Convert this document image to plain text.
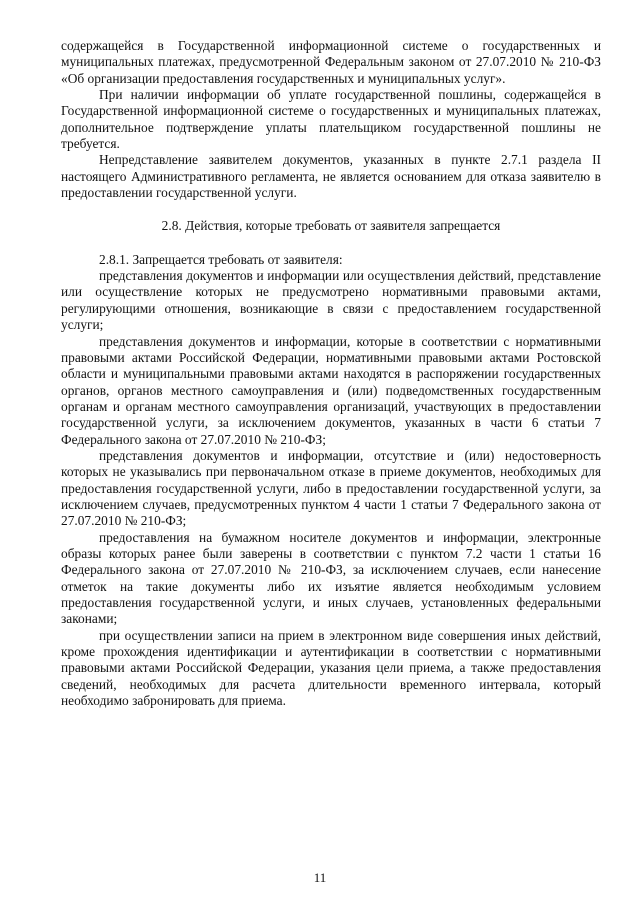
содержащейся в Государственной информационной системе о государственных и муниципальных платежах, предусмотренной Федеральным законом от 27.07.2010 № 210-ФЗ «Об организации предоставления государственных и муниципальных услуг».

При наличии информации об уплате государственной пошлины, содержащейся в Государственной информационной системе о государственных и муниципальных платежах, дополнительное подтверждение уплаты плательщиком государственной пошлины не требуется.

Непредставление заявителем документов, указанных в пункте 2.7.1 раздела II настоящего Административного регламента, не является основанием для отказа заявителю в предоставлении государственной услуги.

2.8. Действия, которые требовать от заявителя запрещается

2.8.1. Запрещается требовать от заявителя:

представления документов и информации или осуществления действий, представление или осуществление которых не предусмотрено нормативными правовыми актами, регулирующими отношения, возникающие в связи с предоставлением государственной услуги;

представления документов и информации, которые в соответствии с нормативными правовыми актами Российской Федерации, нормативными правовыми актами Ростовской области и муниципальными правовыми актами находятся в распоряжении государственных органов, органов местного самоуправления и (или) подведомственных государственным органам и органам местного самоуправления организаций, участвующих в предоставлении государственной услуги, за исключением документов, указанных в части 6 статьи 7 Федерального закона от 27.07.2010 № 210-ФЗ;

представления документов и информации, отсутствие и (или) недостоверность которых не указывались при первоначальном отказе в приеме документов, необходимых для предоставления государственной услуги, либо в предоставлении государственной услуги, за исключением случаев, предусмотренных пунктом 4 части 1 статьи 7 Федерального закона от 27.07.2010 № 210-ФЗ;

предоставления на бумажном носителе документов и информации, электронные образы которых ранее были заверены в соответствии с пунктом 7.2 части 1 статьи 16 Федерального закона от 27.07.2010 № 210-ФЗ, за исключением случаев, если нанесение отметок на такие документы либо их изъятие является необходимым условием предоставления государственной услуги, и иных случаев, установленных федеральными законами;

при осуществлении записи на прием в электронном виде совершения иных действий, кроме прохождения идентификации и аутентификации в соответствии с нормативными правовыми актами Российской Федерации, указания цели приема, а также предоставления сведений, необходимых для расчета длительности временного интервала, который необходимо забронировать для приема.

11
